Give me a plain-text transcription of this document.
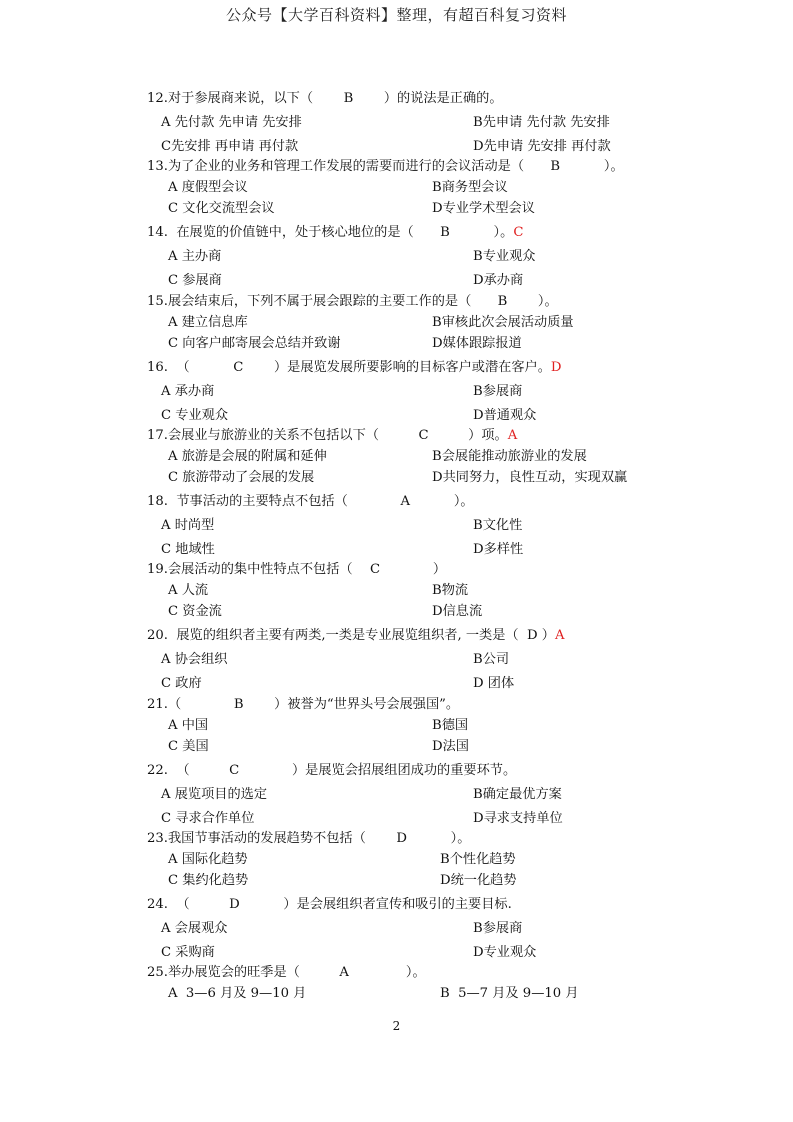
公众号【大学百科资料】整理，有超百科复习资料
12.对于参展商来说，以下（　　 B　　 ）的说法是正确的。
A 先付款 先申请 先安排	B先申请 先付款 先安排
C先安排 再申请 再付款	D先申请 先安排 再付款
13.为了企业的业务和管理工作发展的需要而进行的会议活动是（　　B　　　 ）。
A 度假型会议	B商务型会议
C 文化交流型会议	D专业学术型会议
14.  在展览的价值链中，处于核心地位的是（　　B　　　 ）。C
A 主办商	B专业观众
C 参展商	D承办商
15.展会结束后，下列不属于展会跟踪的主要工作的是（　　B　　 ）。
A 建立信息库	B审核此次会展活动质量
C 向客户邮寄展会总结并致谢	D媒体跟踪报道
16.  （　　　 C　　 ）是展览发展所要影响的目标客户或潜在客户。D
A 承办商	B参展商
C 专业观众	D普通观众
17.会展业与旅游业的关系不包括以下（　　　C　　　）项。A
A 旅游是会展的附属和延伸	B会展能推动旅游业的发展
C 旅游带动了会展的发展	D共同努力，良性互动，实现双赢
18.  节事活动的主要特点不包括（　　　　A　　　 ）。
A 时尚型	B文化性
C 地域性	D多样性
19.会展活动的集中性特点不包括（　 C　　　　）
A 人流	B物流
C 资金流	D信息流
20.  展览的组织者主要有两类,一类是专业展览组织者, 一类是（  D ）A
A 协会组织	B公司
C 政府	D 团体
21.（　　　　B　　 ）被誉为“世界头号会展强国”。
A 中国	B德国
C 美国	D法国
22.  （　　　C　　　　）是展览会招展组团成功的重要环节。
A 展览项目的选定	B确定最优方案
C 寻求合作单位	D寻求支持单位
23.我国节事活动的发展趋势不包括（　　 D　　　 ）。
A 国际化趋势	B个性化趋势
C 集约化趋势	D统一化趋势
24.  （　　　D　　　 ）是会展组织者宣传和吸引的主要目标.
A 会展观众	B参展商
C 采购商	D专业观众
25.举办展览会的旺季是（　　　A　　　　 ）。
A  3—6 月及 9—10 月	B  5—7 月及 9—10 月
2
